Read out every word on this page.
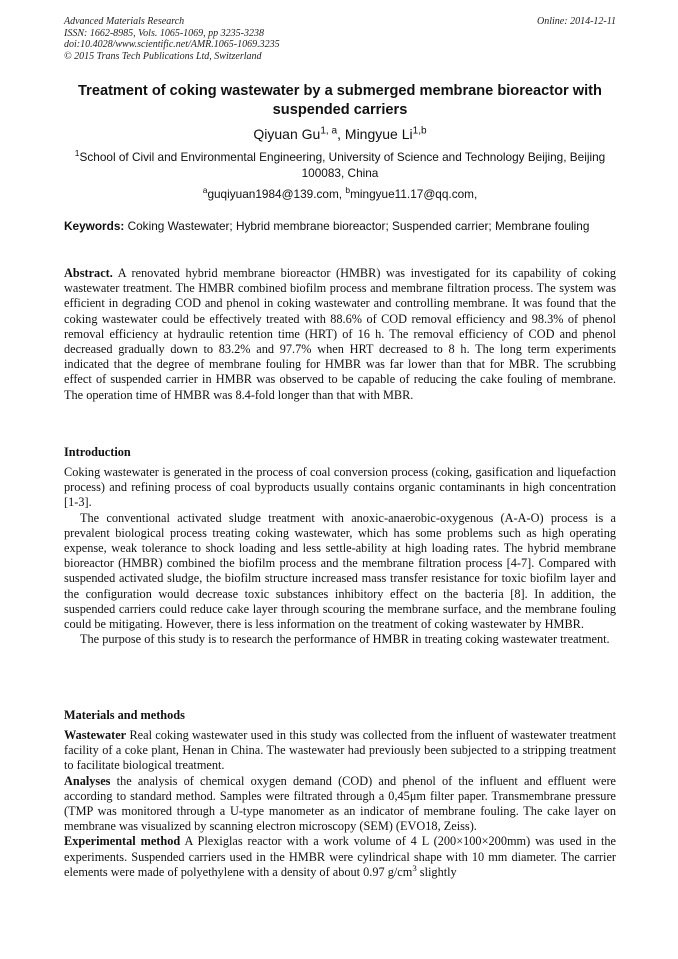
Advanced Materials Research
ISSN: 1662-8985, Vols. 1065-1069, pp 3235-3238
doi:10.4028/www.scientific.net/AMR.1065-1069.3235
© 2015 Trans Tech Publications Ltd, Switzerland
Online: 2014-12-11
Treatment of coking wastewater by a submerged membrane bioreactor with suspended carriers
Qiyuan Gu$^{1, a}$, Mingyue Li$^{1,b}$
$^1$School of Civil and Environmental Engineering, University of Science and Technology Beijing, Beijing 100083, China
$^a$guqiyuan1984@139.com, $^b$mingyue11.17@qq.com,
Keywords: Coking Wastewater; Hybrid membrane bioreactor; Suspended carrier; Membrane fouling

Abstract. A renovated hybrid membrane bioreactor (HMBR) was investigated for its capability of coking wastewater treatment. The HMBR combined biofilm process and membrane filtration process. The system was efficient in degrading COD and phenol in coking wastewater and controlling membrane. It was found that the coking wastewater could be effectively treated with 88.6% of COD removal efficiency and 98.3% of phenol removal efficiency at hydraulic retention time (HRT) of 16 h. The removal efficiency of COD and phenol decreased gradually down to 83.2% and 97.7% when HRT decreased to 8 h. The long term experiments indicated that the degree of membrane fouling for HMBR was far lower than that for MBR. The scrubbing effect of suspended carrier in HMBR was observed to be capable of reducing the cake fouling of membrane. The operation time of HMBR was 8.4-fold longer than that with MBR.

Introduction

Coking wastewater is generated in the process of coal conversion process (coking, gasification and liquefaction process) and refining process of coal byproducts usually contains organic contaminants in high concentration [1-3].

The conventional activated sludge treatment with anoxic-anaerobic-oxygenous (A-A-O) process is a prevalent biological process treating coking wastewater, which has some problems such as high operating expense, weak tolerance to shock loading and less settle-ability at high loading rates. The hybrid membrane bioreactor (HMBR) combined the biofilm process and the membrane filtration process [4-7]. Compared with suspended activated sludge, the biofilm structure increased mass transfer resistance for toxic biofilm layer and the configuration would decrease toxic substances inhibitory effect on the bacteria [8]. In addition, the suspended carriers could reduce cake layer through scouring the membrane surface, and the membrane fouling could be mitigating. However, there is less information on the treatment of coking wastewater by HMBR.

The purpose of this study is to research the performance of HMBR in treating coking wastewater treatment.

Materials and methods

Wastewater Real coking wastewater used in this study was collected from the influent of wastewater treatment facility of a coke plant, Henan in China. The wastewater had previously been subjected to a stripping treatment to facilitate biological treatment.

Analyses the analysis of chemical oxygen demand (COD) and phenol of the influent and effluent were according to standard method. Samples were filtrated through a 0,45μm filter paper. Transmembrane pressure (TMP was monitored through a U-type manometer as an indicator of membrane fouling. The cake layer on membrane was visualized by scanning electron microscopy (SEM) (EVO18, Zeiss).

Experimental method A Plexiglas reactor with a work volume of 4 L (200×100×200mm) was used in the experiments. Suspended carriers used in the HMBR were cylindrical shape with 10 mm diameter. The carrier elements were made of polyethylene with a density of about 0.97 $g/cm^3$ slightly
